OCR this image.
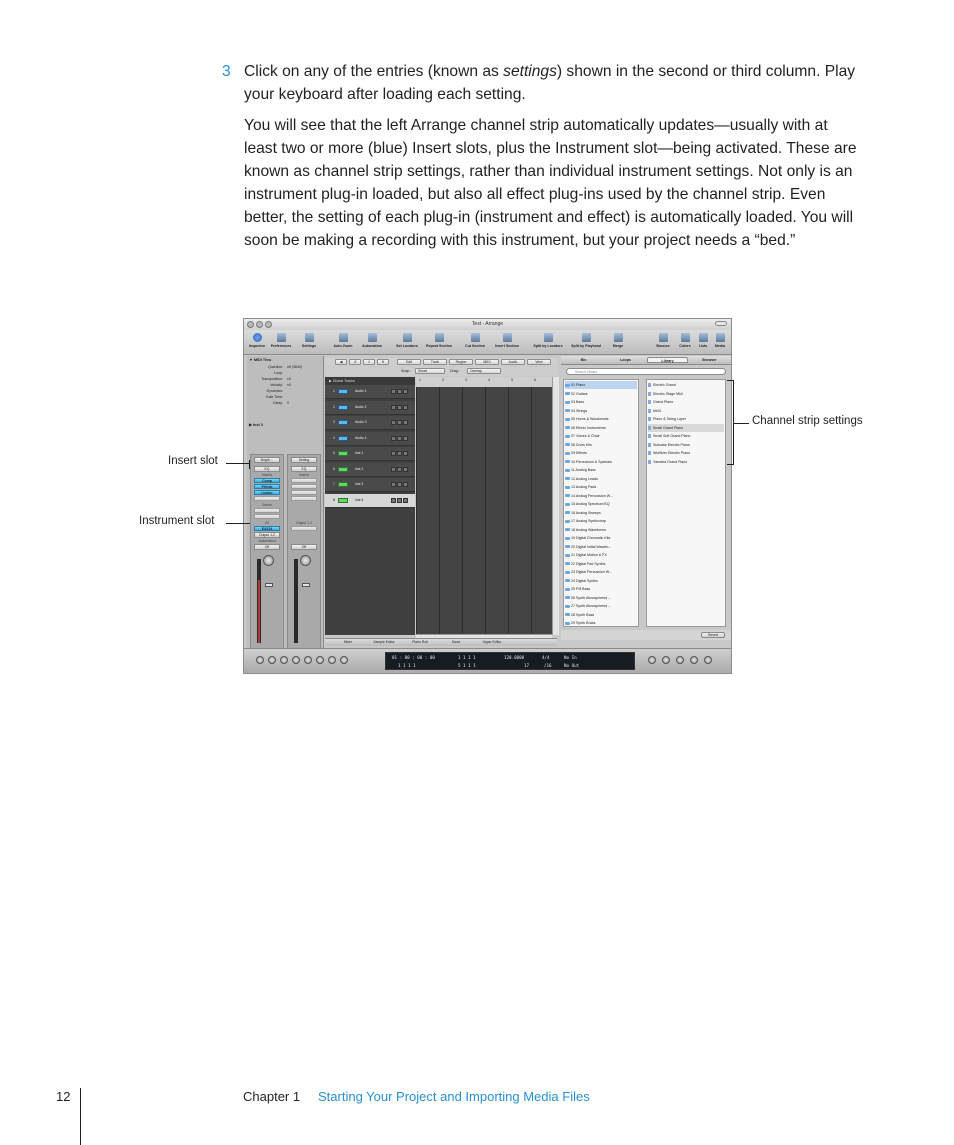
3 Click on any of the entries (known as settings) shown in the second or third column. Play your keyboard after loading each setting.

You will see that the left Arrange channel strip automatically updates—usually with at least two or more (blue) Insert slots, plus the Instrument slot—being activated. These are known as channel strip settings, rather than individual instrument settings. Not only is an instrument plug-in loaded, but also all effect plug-ins used by the channel strip. Even better, the setting of each plug-in (instrument and effect) is automatically loaded. You will soon be making a recording with this instrument, but your project needs a “bed.”

Test - Arrange
Inspector	Preferences	Settings	Auto Zoom	Automation	Set Locators	Repeat Section	Cut Section	Insert Section	Split by Locators Split by Playhead	Merge	Bounce	Colors	Lists	Media
▼ MIDI Thru
Quantize: off (3840)
Loop:
Transposition: ±0
Velocity: ±0
Dynamics:
Gate Time:
Delay: 0
▶ Inst 3
Bright ...
EQ
Inserts
Comp
PtVerb
Limiter
Sends
I/O
EXS24
Output 1-2
Automation
Off
Setting
EQ
Inserts
Output 1-2
Off
◀	↺	⇧	H	Edit	Track	Region	MIDI	Audio	View
Snap:	Smart	Drag:	Overlap
▶ Global Tracks
1	Audio 1
2	Audio 2
3	Audio 3
4	Audio 4
5	Inst 1
6	Inst 2
7	Inst 3
8	Inst 4
1	2	3	4	5	6
Mixer	Sample Editor	Piano Roll	Score	Hyper Editor
Bin	Loops	Library	Browser
Search Library
01 Piano
02 Guitars
03 Bass
04 Strings
05 Horns & Woodwinds
06 Ethnic Instruments
07 Voices & Choir
08 Drum Kits
09 Effects
10 Percussion & Specials
11 Analog Bass
12 Analog Leads
13 Analog Pads
14 Analog Percussion W...
15 Analog Spectrum/SQ
16 Analog Sweeps
17 Analog Synthcomp
18 Analog Waveforms
19 Digital Chromatic Kits
20 Digital Initial Wavefo...
21 Digital Motion & FX
22 Digital Pad Synths
23 Digital Percussion W...
24 Digital Synths
25 FM Bass
26 Synth Atmospheres ...
27 Synth Atmospheres ...
28 Synth Bass
29 Synth Brass
Electric Grand
Electric Stage Mkll
Grand Piano
MkIII
Piano & String Layer
Small Grand Piano
Small Soft Grand Piano
Suitcase Electric Piano
Wurlitzer Electric Piano
Yamaha Grand Piano
Revert
01 : 00 : 00 : 00
1 1 1 1
1 1 1 1
5 1 1 1
120.0000
17
4/4
/16
No In
No Out
Insert slot
Instrument slot
Channel strip settings
12	Chapter 1 Starting Your Project and Importing Media Files
